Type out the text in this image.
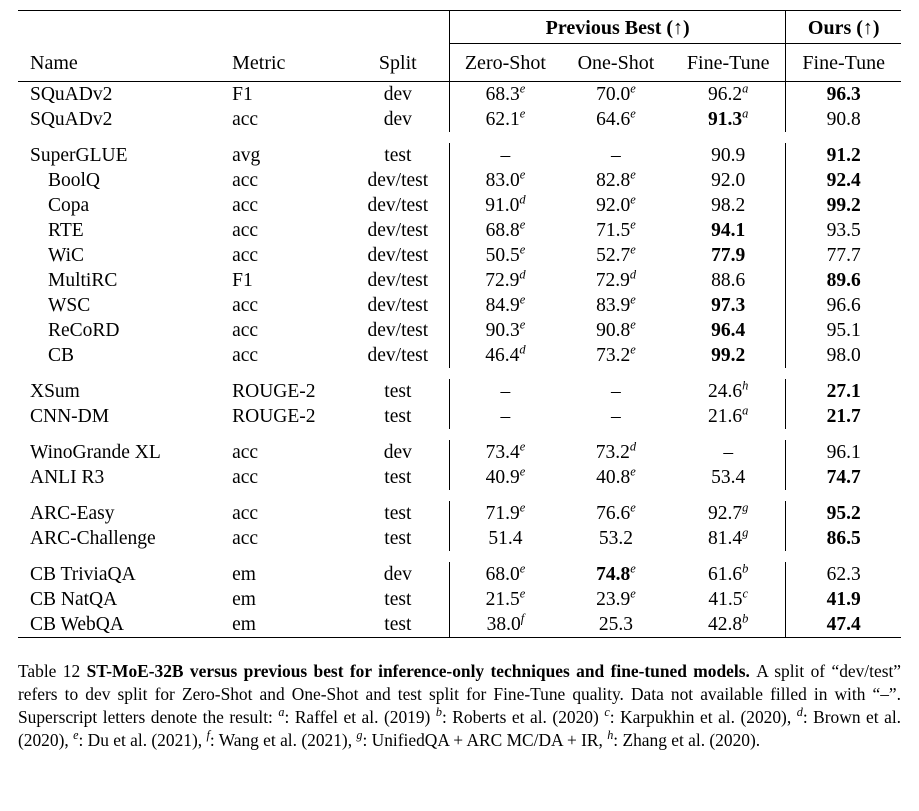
			Previous Best (↑)			Ours (↑)
Name	Metric	Split	Zero-Shot	One-Shot	Fine-Tune	Fine-Tune
SQuADv2	F1	dev	68.3e	70.0e	96.2$^a$	96.3
SQuADv2	acc	dev	62.1e	64.6e	91.3$^a$	90.8

SuperGLUE	avg	test	–	–	90.9	91.2
BoolQ	acc	dev/test	83.0e	82.8e	92.0	92.4
Copa	acc	dev/test	91.0$^d$	92.0e	98.2	99.2
RTE	acc	dev/test	68.8e	71.5e	94.1	93.5
WiC	acc	dev/test	50.5e	52.7e	77.9	77.7
MultiRC	F1	dev/test	72.9$^d$	72.9$^d$	88.6	89.6
WSC	acc	dev/test	84.9e	83.9e	97.3	96.6
ReCoRD	acc	dev/test	90.3e	90.8e	96.4	95.1
CB	acc	dev/test	46.4$^d$	73.2e	99.2	98.0

XSum	ROUGE-2	test	–	–	24.6$^h$	27.1
CNN-DM	ROUGE-2	test	–	–	21.6$^a$	21.7

WinoGrande XL	acc	dev	73.4e	73.2$^d$	–	96.1
ANLI R3	acc	test	40.9e	40.8e	53.4	74.7

ARC-Easy	acc	test	71.9e	76.6e	92.7$^g$	95.2
ARC-Challenge	acc	test	51.4	53.2	81.4$^g$	86.5

CB TriviaQA	em	dev	68.0e	74.8e	61.6$^b$	62.3
CB NatQA	em	test	21.5e	23.9e	41.5$^c$	41.9
CB WebQA	em	test	38.0$^f$	25.3	42.8$^b$	47.4

Table 12 ST-MoE-32B versus previous best for inference-only techniques and fine-tuned models. A split of “dev/test” refers to dev split for Zero-Shot and One-Shot and test split for Fine-Tune quality. Data not available filled in with “–”. Superscript letters denote the result: $^a$: Raffel et al. (2019) $^b$: Roberts et al. (2020) $^c$: Karpukhin et al. (2020), $^d$: Brown et al. (2020), $^e$: Du et al. (2021), $^f$: Wang et al. (2021), $^g$: UnifiedQA + ARC MC/DA + IR, $^h$: Zhang et al. (2020).
